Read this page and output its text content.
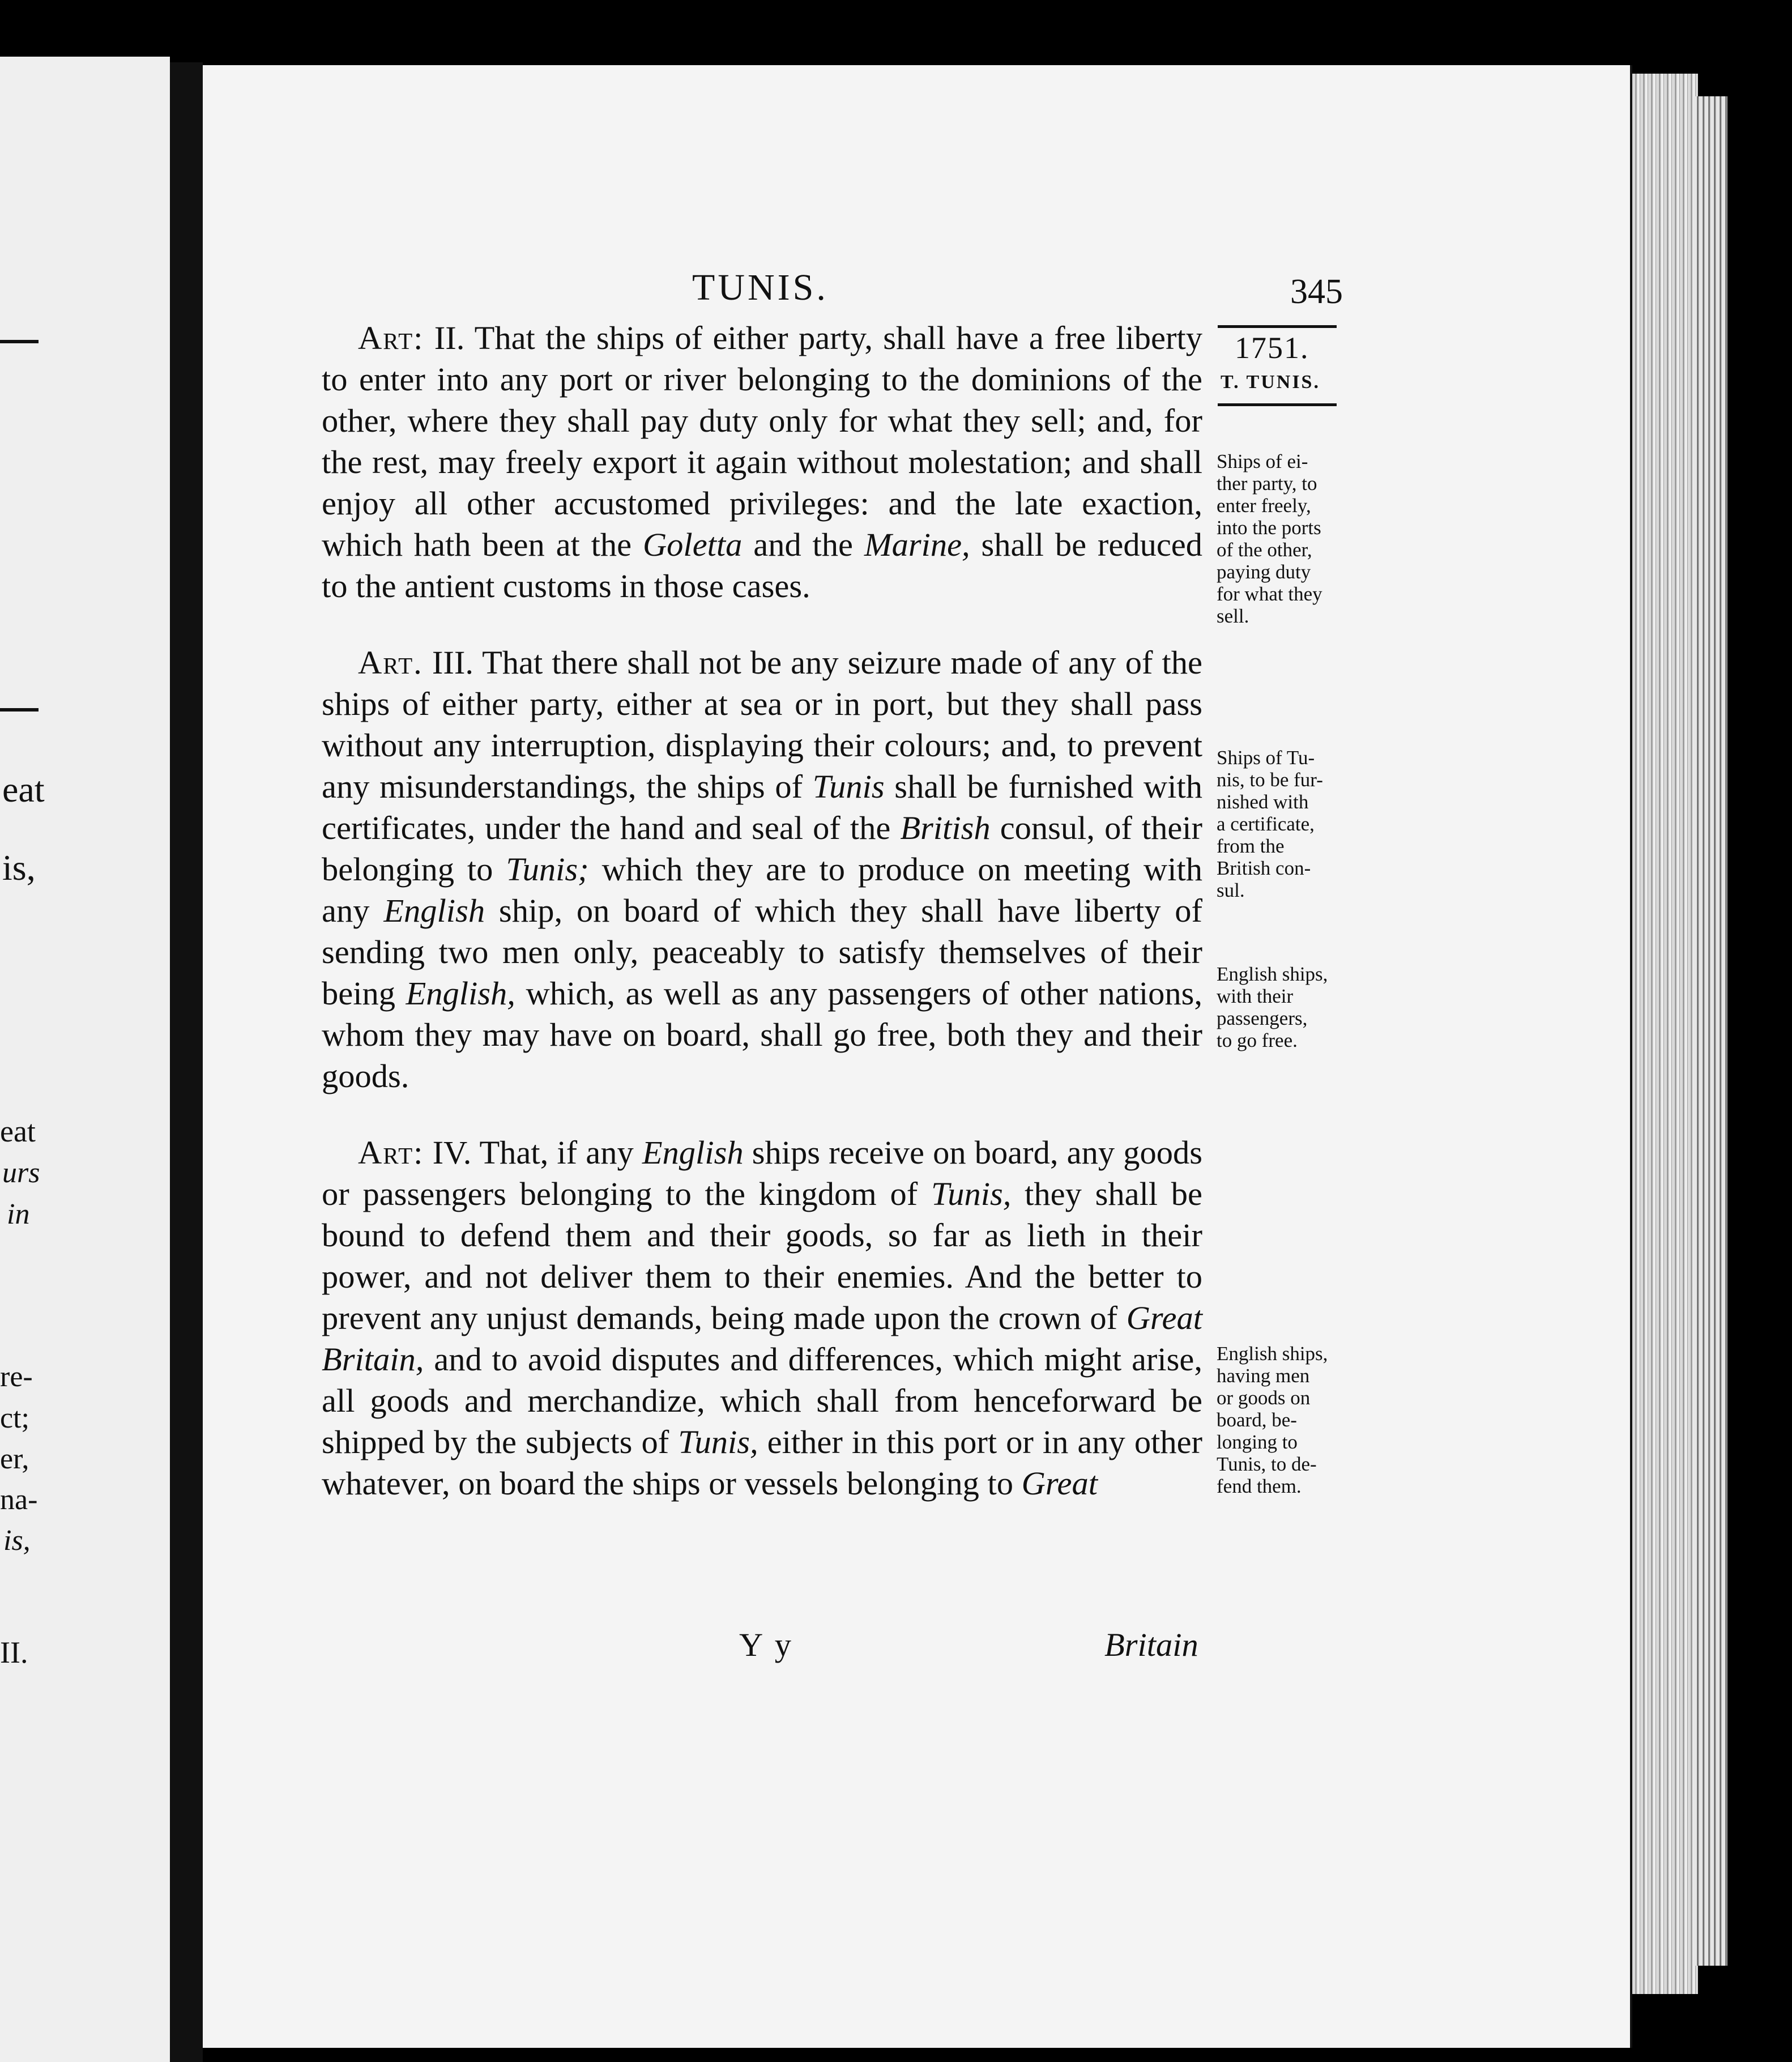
eat
is,
eat
urs
in
re-
ct;
er,
na-
is,
II.
TUNIS.	345
1751.
T. TUNIS.
Ships of ei-
ther party, to
enter freely,
into the ports
of the other,
paying duty
for what they
sell.
Ships of Tu-
nis, to be fur-
nished with
a certificate,
from the
British con-
sul.
English ships,
with their
passengers,
to go free.
English ships,
having men
or goods on
board, be-
longing to
Tunis, to de-
fend them.

Art: II. That the ships of either party, shall have a free liberty to enter into any port or river belonging to the dominions of the other, where they shall pay duty only for what they sell; and, for the rest, may freely export it again without molestation; and shall enjoy all other accustomed privileges: and the late exaction, which hath been at the Goletta and the Marine, shall be reduced to the antient customs in those cases.

Art. III. That there shall not be any seizure made of any of the ships of either party, either at sea or in port, but they shall pass without any interruption, displaying their colours; and, to prevent any misunderstandings, the ships of Tunis shall be furnished with certificates, under the hand and seal of the British consul, of their belonging to Tunis; which they are to produce on meeting with any English ship, on board of which they shall have liberty of sending two men only, peaceably to satisfy themselves of their being English, which, as well as any passengers of other nations, whom they may have on board, shall go free, both they and their goods.

Art: IV. That, if any English ships receive on board, any goods or passengers belonging to the kingdom of Tunis, they shall be bound to defend them and their goods, so far as lieth in their power, and not deliver them to their enemies. And the better to prevent any unjust demands, being made upon the crown of Great Britain, and to avoid disputes and differences, which might arise, all goods and merchandize, which shall from henceforward be shipped by the subjects of Tunis, either in this port or in any other whatever, on board the ships or vessels belonging to Great

Y y	Britain
